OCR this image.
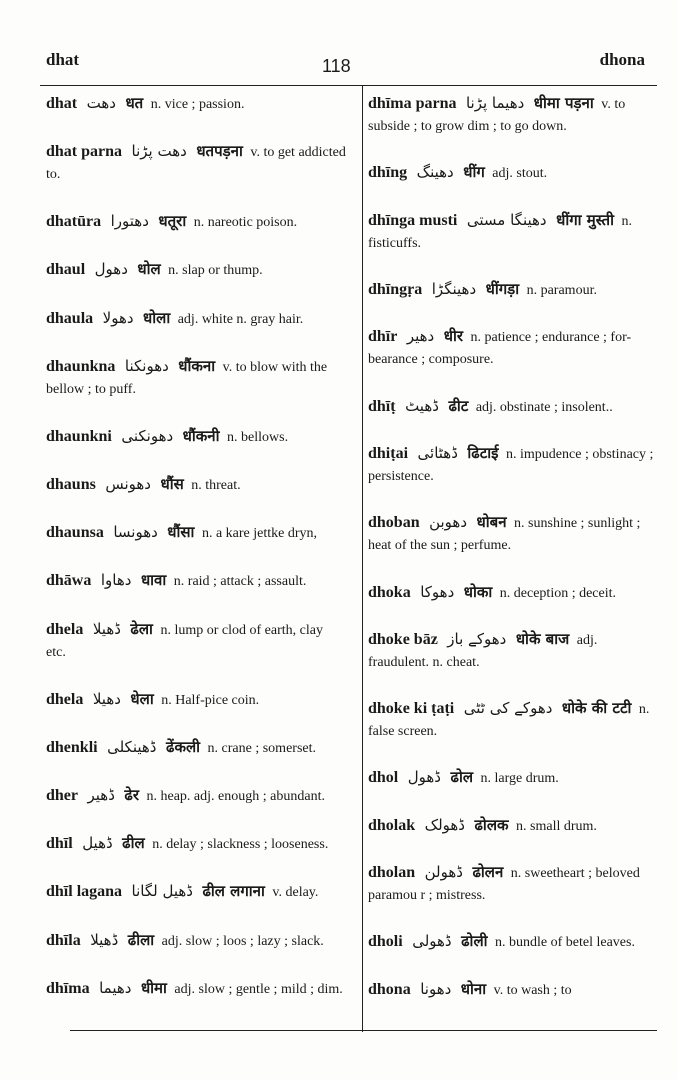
dhat	118	dhona
dhat دھت धत n. vice ; passion.
dhat parna دھت پڑنا धतपड़ना v. to get addicted to.
dhatūra دھتورا धतूरा n. nareotic poison.
dhaul دھول धोल n. slap or thump.
dhaula دھولا धोला adj. white n. gray hair.
dhaunkna دھونکنا धौंकना v. to blow with the bellow ; to puff.
dhaunkni دھونکنی धौंकनी n. bellows.
dhauns دھونس धौंस n. threat.
dhaunsa دھونسا धौंसा n. a kare jettke dryn,
dhāwa دھاوا धावा n. raid ; attack ; assault.
dhela ڈھیلا ढेला n. lump or clod of earth, clay etc.
dhela دھیلا धेला n. Half-pice coin.
dhenkli ڈھینکلی ढेंकली n. crane ; somerset.
dher ڈھیر ढेर n. heap. adj. enough ; abundant.
dhīl ڈھیل ढील n. delay ; slackness ; looseness.
dhīl lagana ڈھیل لگانا ढील लगाना v. delay.
dhīla ڈھیلا ढीला adj. slow ; loos ; lazy ; slack.
dhīma دھیما धीमा adj. slow ; gentle ; mild ; dim.
dhīma parna دھیما پڑنا धीमा पड़ना v. to subside ; to grow dim ; to go down.
dhīng دھینگ धींग adj. stout.
dhīnga musti دھینگا مستی धींगा मुस्ती n. fisticuffs.
dhīngṛa دھینگڑا धींगड़ा n. paramour.
dhīr دھیر धीर n. patience ; endurance ; for-bearance ; composure.
dhīṭ ڈھیٹ ढीट adj. obstinate ; insolent..
dhiṭai ڈھٹائی ढिटाई n. impudence ; obstinacy ; persistence.
dhoban دھوبن धोबन n. sunshine ; sunlight ; heat of the sun ; perfume.
dhoka دھوکا धोका n. deception ; deceit.
dhoke bāz دھوکے باز धोके बाज adj. fraudulent. n. cheat.
dhoke ki ṭaṭi دھوکے کی ٹٹی धोके की टटी n. false screen.
dhol ڈھول ढोल n. large drum.
dholak ڈھولک ढोलक n. small drum.
dholan ڈھولن ढोलन n. sweetheart ; beloved paramou r ; mistress.
dholi ڈھولی ढोली n. bundle of betel leaves.
dhona دھونا धोना v. to wash ; to
